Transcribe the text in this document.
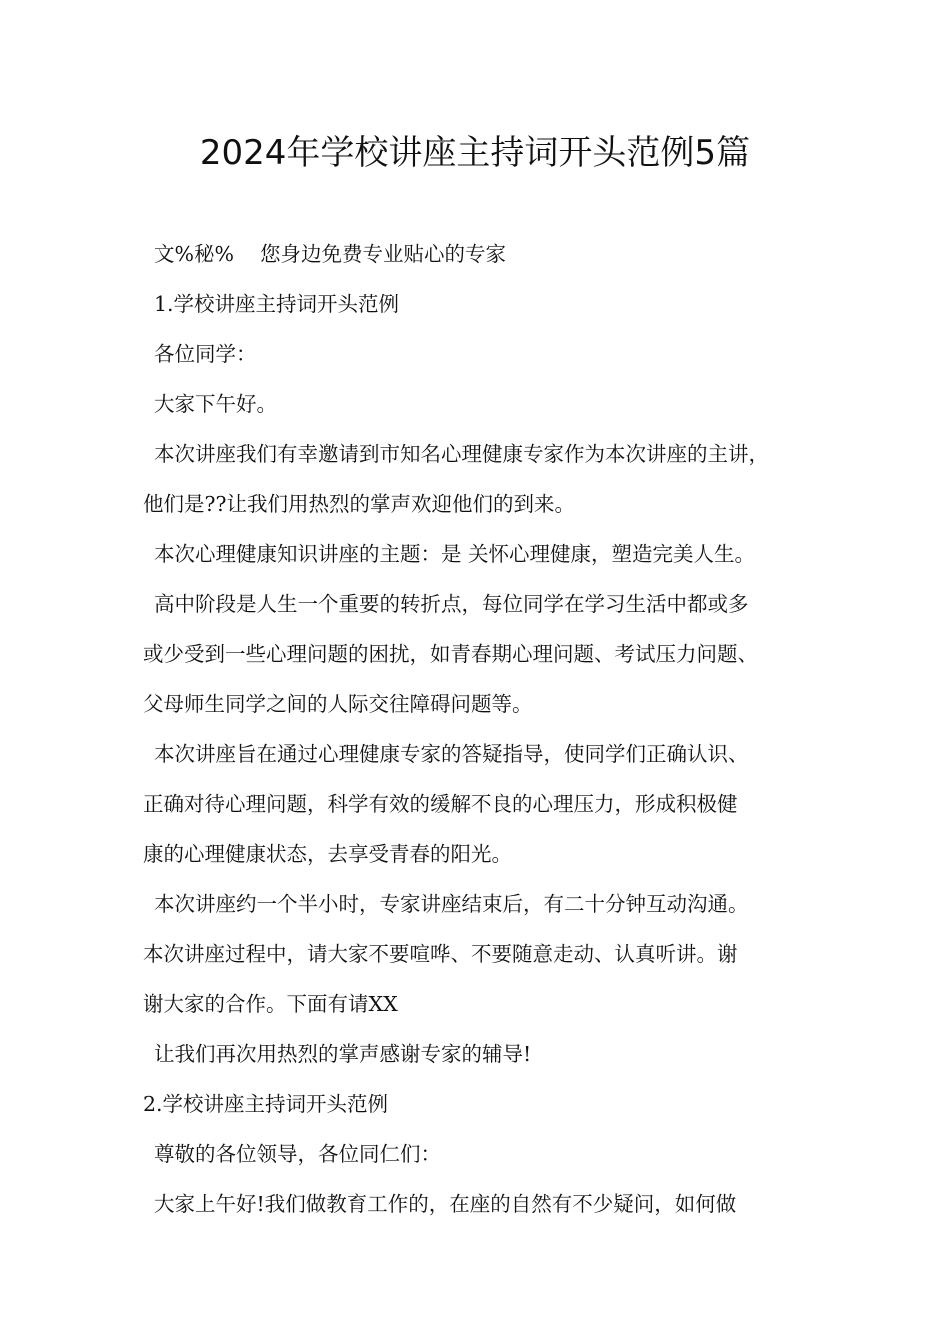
2024年学校讲座主持词开头范例5篇

文%秘% 您身边免费专业贴心的专家

1.学校讲座主持词开头范例

各位同学：

大家下午好。

本次讲座我们有幸邀请到市知名心理健康专家作为本次讲座的主讲，

他们是??让我们用热烈的掌声欢迎他们的到来。

本次心理健康知识讲座的主题：是 关怀心理健康，塑造完美人生。

高中阶段是人生一个重要的转折点，每位同学在学习生活中都或多

或少受到一些心理问题的困扰，如青春期心理问题、考试压力问题、

父母师生同学之间的人际交往障碍问题等。

本次讲座旨在通过心理健康专家的答疑指导，使同学们正确认识、

正确对待心理问题，科学有效的缓解不良的心理压力，形成积极健

康的心理健康状态，去享受青春的阳光。

本次讲座约一个半小时，专家讲座结束后，有二十分钟互动沟通。

本次讲座过程中，请大家不要喧哗、不要随意走动、认真听讲。谢

谢大家的合作。下面有请XX

让我们再次用热烈的掌声感谢专家的辅导!

2.学校讲座主持词开头范例

尊敬的各位领导，各位同仁们：

大家上午好!我们做教育工作的，在座的自然有不少疑问，如何做
